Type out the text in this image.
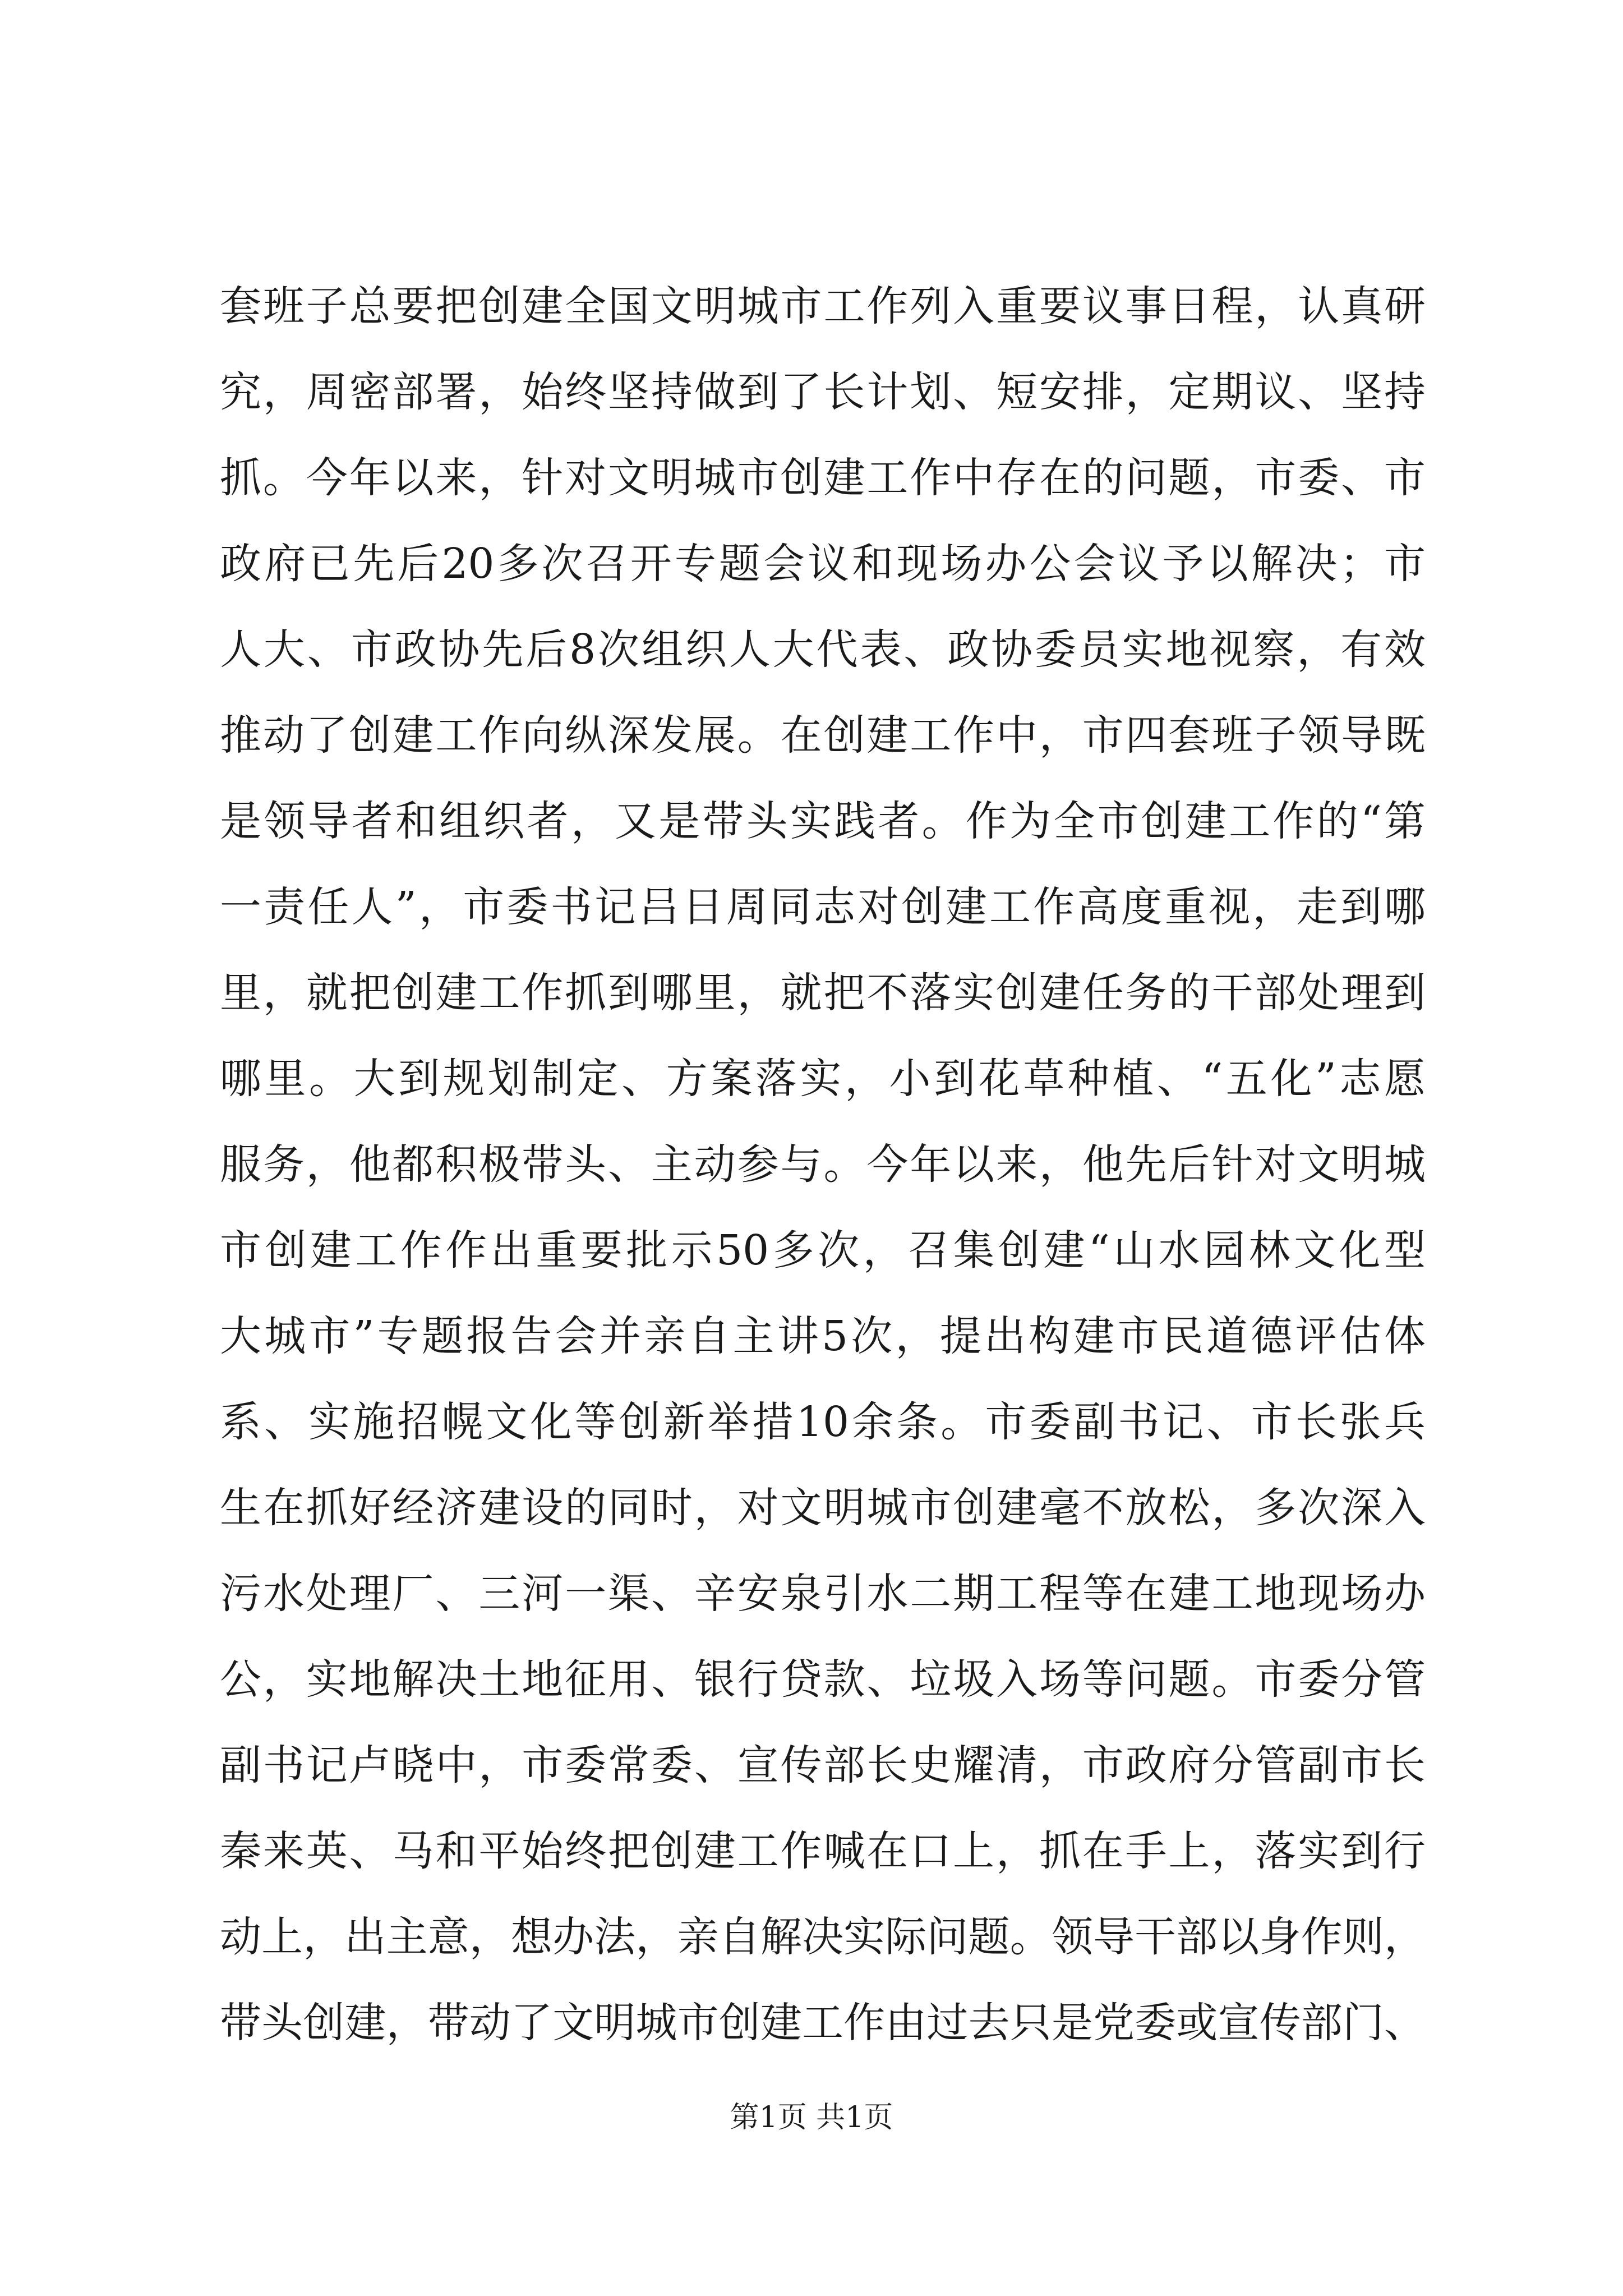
套班子总要把创建全国文明城市工作列入重要议事日程，认真研
究，周密部署，始终坚持做到了长计划、短安排，定期议、坚持
抓。今年以来，针对文明城市创建工作中存在的问题，市委、市
政府已先后20多次召开专题会议和现场办公会议予以解决；市
人大、市政协先后8次组织人大代表、政协委员实地视察，有效
推动了创建工作向纵深发展。在创建工作中，市四套班子领导既
是领导者和组织者，又是带头实践者。作为全市创建工作的“第
一责任人”，市委书记吕日周同志对创建工作高度重视，走到哪
里，就把创建工作抓到哪里，就把不落实创建任务的干部处理到
哪里。大到规划制定、方案落实，小到花草种植、“五化”志愿
服务，他都积极带头、主动参与。今年以来，他先后针对文明城
市创建工作作出重要批示50多次，召集创建“山水园林文化型
大城市”专题报告会并亲自主讲5次，提出构建市民道德评估体
系、实施招幌文化等创新举措10余条。市委副书记、市长张兵
生在抓好经济建设的同时，对文明城市创建毫不放松，多次深入
污水处理厂、三河一渠、辛安泉引水二期工程等在建工地现场办
公，实地解决土地征用、银行贷款、垃圾入场等问题。市委分管
副书记卢晓中，市委常委、宣传部长史耀清，市政府分管副市长
秦来英、马和平始终把创建工作喊在口上，抓在手上，落实到行
动上，出主意，想办法，亲自解决实际问题。领导干部以身作则，
带头创建，带动了文明城市创建工作由过去只是党委或宣传部门、
第1页 共1页
